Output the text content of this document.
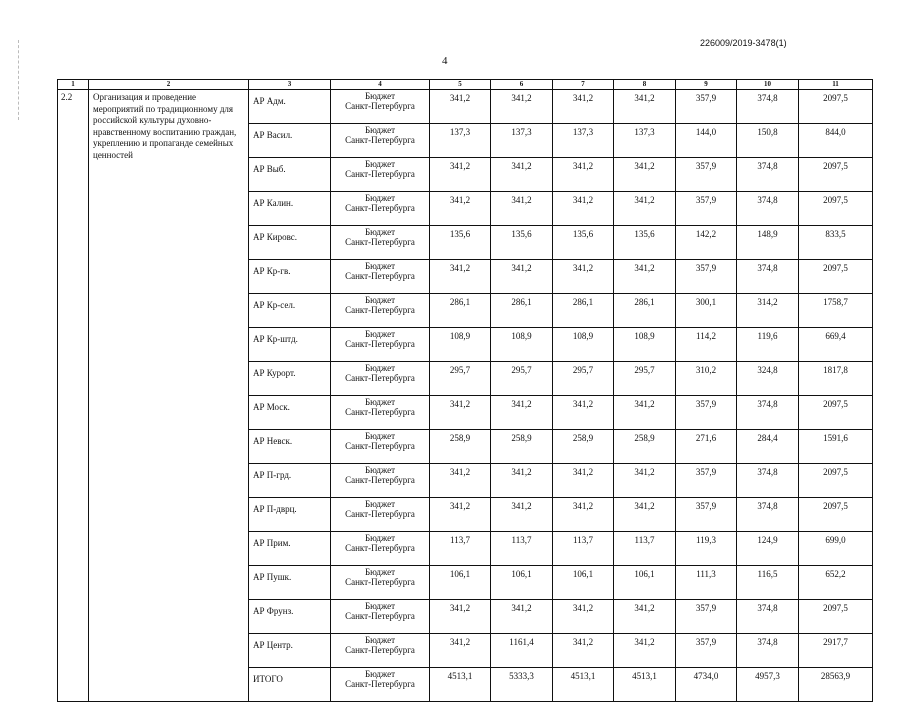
226009/2019-3478(1)
4
1	2	3	4	5	6	7	8	9	10	11
2.2	Организация и проведение мероприятий по традиционному для российской культуры духовно-нравственному воспитанию граждан, укреплению и пропаганде семейных ценностей	АР Адм.	Бюджет
Санкт-Петербурга	341,2	341,2	341,2	341,2	357,9	374,8	2097,5
		АР Васил.	Бюджет
Санкт-Петербурга	137,3	137,3	137,3	137,3	144,0	150,8	844,0
		АР Выб.	Бюджет
Санкт-Петербурга	341,2	341,2	341,2	341,2	357,9	374,8	2097,5
		АР Калин.	Бюджет
Санкт-Петербурга	341,2	341,2	341,2	341,2	357,9	374,8	2097,5
		АР Кировс.	Бюджет
Санкт-Петербурга	135,6	135,6	135,6	135,6	142,2	148,9	833,5
		АР Кр-гв.	Бюджет
Санкт-Петербурга	341,2	341,2	341,2	341,2	357,9	374,8	2097,5
		АР Кр-сел.	Бюджет
Санкт-Петербурга	286,1	286,1	286,1	286,1	300,1	314,2	1758,7
		АР Кр-штд.	Бюджет
Санкт-Петербурга	108,9	108,9	108,9	108,9	114,2	119,6	669,4
		АР Курорт.	Бюджет
Санкт-Петербурга	295,7	295,7	295,7	295,7	310,2	324,8	1817,8
		АР Моск.	Бюджет
Санкт-Петербурга	341,2	341,2	341,2	341,2	357,9	374,8	2097,5
		АР Невск.	Бюджет
Санкт-Петербурга	258,9	258,9	258,9	258,9	271,6	284,4	1591,6
		АР П-грд.	Бюджет
Санкт-Петербурга	341,2	341,2	341,2	341,2	357,9	374,8	2097,5
		АР П-дврц.	Бюджет
Санкт-Петербурга	341,2	341,2	341,2	341,2	357,9	374,8	2097,5
		АР Прим.	Бюджет
Санкт-Петербурга	113,7	113,7	113,7	113,7	119,3	124,9	699,0
		АР Пушк.	Бюджет
Санкт-Петербурга	106,1	106,1	106,1	106,1	111,3	116,5	652,2
		АР Фрунз.	Бюджет
Санкт-Петербурга	341,2	341,2	341,2	341,2	357,9	374,8	2097,5
		АР Центр.	Бюджет
Санкт-Петербурга	341,2	1161,4	341,2	341,2	357,9	374,8	2917,7
		ИТОГО	Бюджет
Санкт-Петербурга	4513,1	5333,3	4513,1	4513,1	4734,0	4957,3	28563,9
